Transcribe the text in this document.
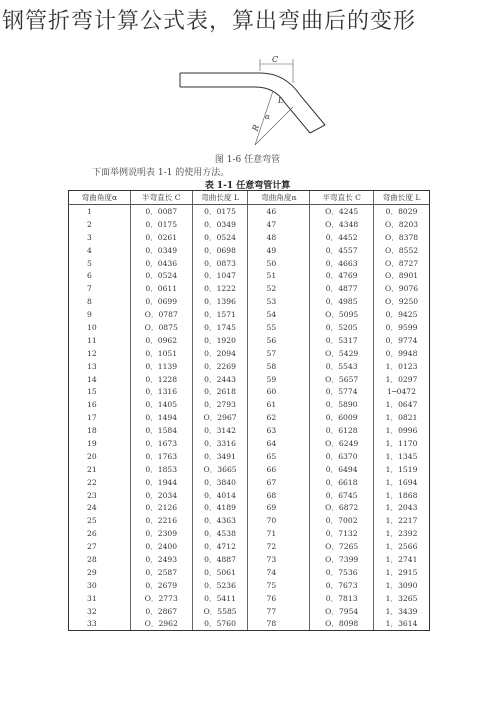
钢管折弯计算公式表，算出弯曲后的变形
C
L
α
R
图 1-6 任意弯管
下面举例说明表 1-1 的使用方法。
表 1-1 任意弯管计算
弯曲角度α	半弯直长 C	弯曲长度 L	弯曲角度α	半弯直长 C	弯曲长度 L
1	0．0087	0．0175	46	O．4245	0．8029
2	0．0175	0．0349	47	O．4348	O．8203
3	0．0261	0．0524	48	0．4452	O．8378
4	0．0349	0．0698	49	0．4557	O．8552
5	0．0436	0．0873	50	0．4663	O．8727
6	0．0524	0．1047	51	0．4769	O．8901
7	0．0611	0．1222	52	0．4877	O．9076
8	0．0699	0．1396	53	0．4985	O．9250
9	O．0787	0．1571	54	O．5095	0．9425
10	O．0875	0．1745	55	0．5205	0．9599
11	0．0962	0．1920	56	0．5317	0．9774
12	0．1051	0．2094	57	O．5429	0．9948
13	0．1139	0．2269	58	0．5543	1．0123
14	0．1228	0．2443	59	O．5657	1．0297
15	0．1316	0．2618	60	0．5774	1─0472
16	0．1405	0．2793	61	0．5890	1．0647
17	0．1494	O．2967	62	0．6009	1．0821
18	0．1584	0．3142	63	0．6128	1．0996
19	0．1673	0．3316	64	O．6249	1．1170
20	0．1763	0．3491	65	0．6370	1．1345
21	0．1853	O．3665	66	0．6494	1．1519
22	0．1944	0．3840	67	0．6618	1．1694
23	0．2034	0．4014	68	0．6745	1．1868
24	0．2126	0．4189	69	O．6872	1．2043
25	0．2216	0．4363	70	0．7002	1．2217
26	0．2309	0．4538	71	0．7132	1．2392
27	0．2400	0．4712	72	O．7265	1．2566
28	0．2493	0．4887	73	O．7399	1．2741
29	0．2587	0．5061	74	0．7536	1．2915
30	0．2679	0．5236	75	0．7673	1．3090
31	O．2773	0．5411	76	0．7813	1．3265
32	0．2867	O．5585	77	O．7954	1．3439
33	O．2962	0．5760	78	O．8098	1．3614
